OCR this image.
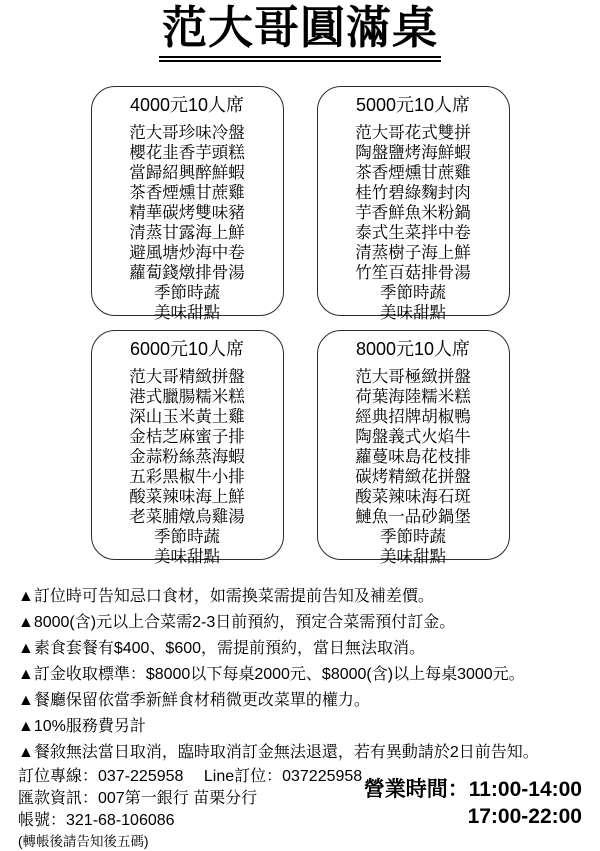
范大哥圓滿桌
4000元10人席
范大哥珍味冷盤
櫻花韭香芋頭糕
當歸紹興醉鮮蝦
茶香煙燻甘蔗雞
精華碳烤雙味豬
清蒸甘露海上鮮
避風塘炒海中卷
蘿蔔錢燉排骨湯
季節時蔬
美味甜點
5000元10人席
范大哥花式雙拼
陶盤鹽烤海鮮蝦
茶香煙燻甘蔗雞
桂竹碧綠麴封肉
芋香鮮魚米粉鍋
泰式生菜拌中卷
清蒸樹子海上鮮
竹笙百菇排骨湯
季節時蔬
美味甜點
6000元10人席
范大哥精緻拼盤
港式臘腸糯米糕
深山玉米黃土雞
金桔芝麻蜜子排
金蒜粉絲蒸海蝦
五彩黑椒牛小排
酸菜辣味海上鮮
老菜脯燉烏雞湯
季節時蔬
美味甜點
8000元10人席
范大哥極緻拼盤
荷葉海陸糯米糕
經典招牌胡椒鴨
陶盤義式火焰牛
蘿蔓味島花枝排
碳烤精緻花拼盤
酸菜辣味海石斑
鰱魚一品砂鍋堡
季節時蔬
美味甜點
▲訂位時可告知忌口食材，如需換菜需提前告知及補差價。
▲8000(含)元以上合菜需2-3日前預約，預定合菜需預付訂金。
▲素食套餐有$400、$600，需提前預約，當日無法取消。
▲訂金收取標準：$8000以下每桌2000元、$8000(含)以上每桌3000元。
▲餐廳保留依當季新鮮食材稍微更改菜單的權力。
▲10%服務費另計
▲餐敘無法當日取消，臨時取消訂金無法退還，若有異動請於2日前告知。
訂位專線：037-225958　 Line訂位：037225958
匯款資訊：007第一銀行 苗栗分行
帳號：321-68-106086
(轉帳後請告知後五碼)
營業時間：11:00-14:00
17:00-22:00
